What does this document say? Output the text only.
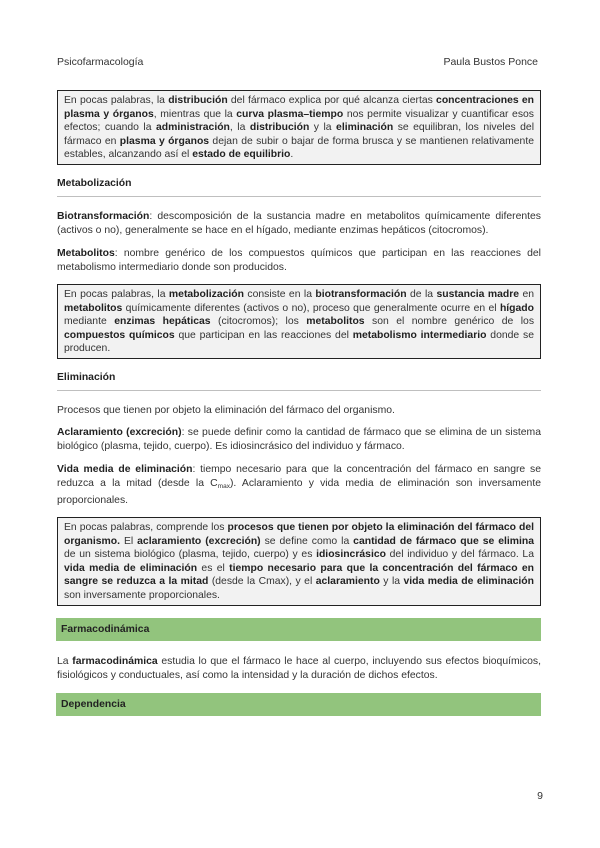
Psicofarmacología	Paula Bustos Ponce

En pocas palabras, la distribución del fármaco explica por qué alcanza ciertas concentraciones en plasma y órganos, mientras que la curva plasma–tiempo nos permite visualizar y cuantificar esos efectos; cuando la administración, la distribución y la eliminación se equilibran, los niveles del fármaco en plasma y órganos dejan de subir o bajar de forma brusca y se mantienen relativamente estables, alcanzando así el estado de equilibrio.

Metabolización

Biotransformación: descomposición de la sustancia madre en metabolitos químicamente diferentes (activos o no), generalmente se hace en el hígado, mediante enzimas hepáticos (citocromos).

Metabolitos: nombre genérico de los compuestos químicos que participan en las reacciones del metabolismo intermediario donde son producidos.

En pocas palabras, la metabolización consiste en la biotransformación de la sustancia madre en metabolitos químicamente diferentes (activos o no), proceso que generalmente ocurre en el hígado mediante enzimas hepáticas (citocromos); los metabolitos son el nombre genérico de los compuestos químicos que participan en las reacciones del metabolismo intermediario donde se producen.

Eliminación

Procesos que tienen por objeto la eliminación del fármaco del organismo.

Aclaramiento (excreción): se puede definir como la cantidad de fármaco que se elimina de un sistema biológico (plasma, tejido, cuerpo). Es idiosincrásico del individuo y fármaco.

Vida media de eliminación: tiempo necesario para que la concentración del fármaco en sangre se reduzca a la mitad (desde la $C_{max}$). Aclaramiento y vida media de eliminación son inversamente proporcionales.

En pocas palabras, comprende los procesos que tienen por objeto la eliminación del fármaco del organismo. El aclaramiento (excreción) se define como la cantidad de fármaco que se elimina de un sistema biológico (plasma, tejido, cuerpo) y es idiosincrásico del individuo y del fármaco. La vida media de eliminación es el tiempo necesario para que la concentración del fármaco en sangre se reduzca a la mitad (desde la Cmax), y el aclaramiento y la vida media de eliminación son inversamente proporcionales.

Farmacodinámica

La farmacodinámica estudia lo que el fármaco le hace al cuerpo, incluyendo sus efectos bioquímicos, fisiológicos y conductuales, así como la intensidad y la duración de dichos efectos.

Dependencia
9
